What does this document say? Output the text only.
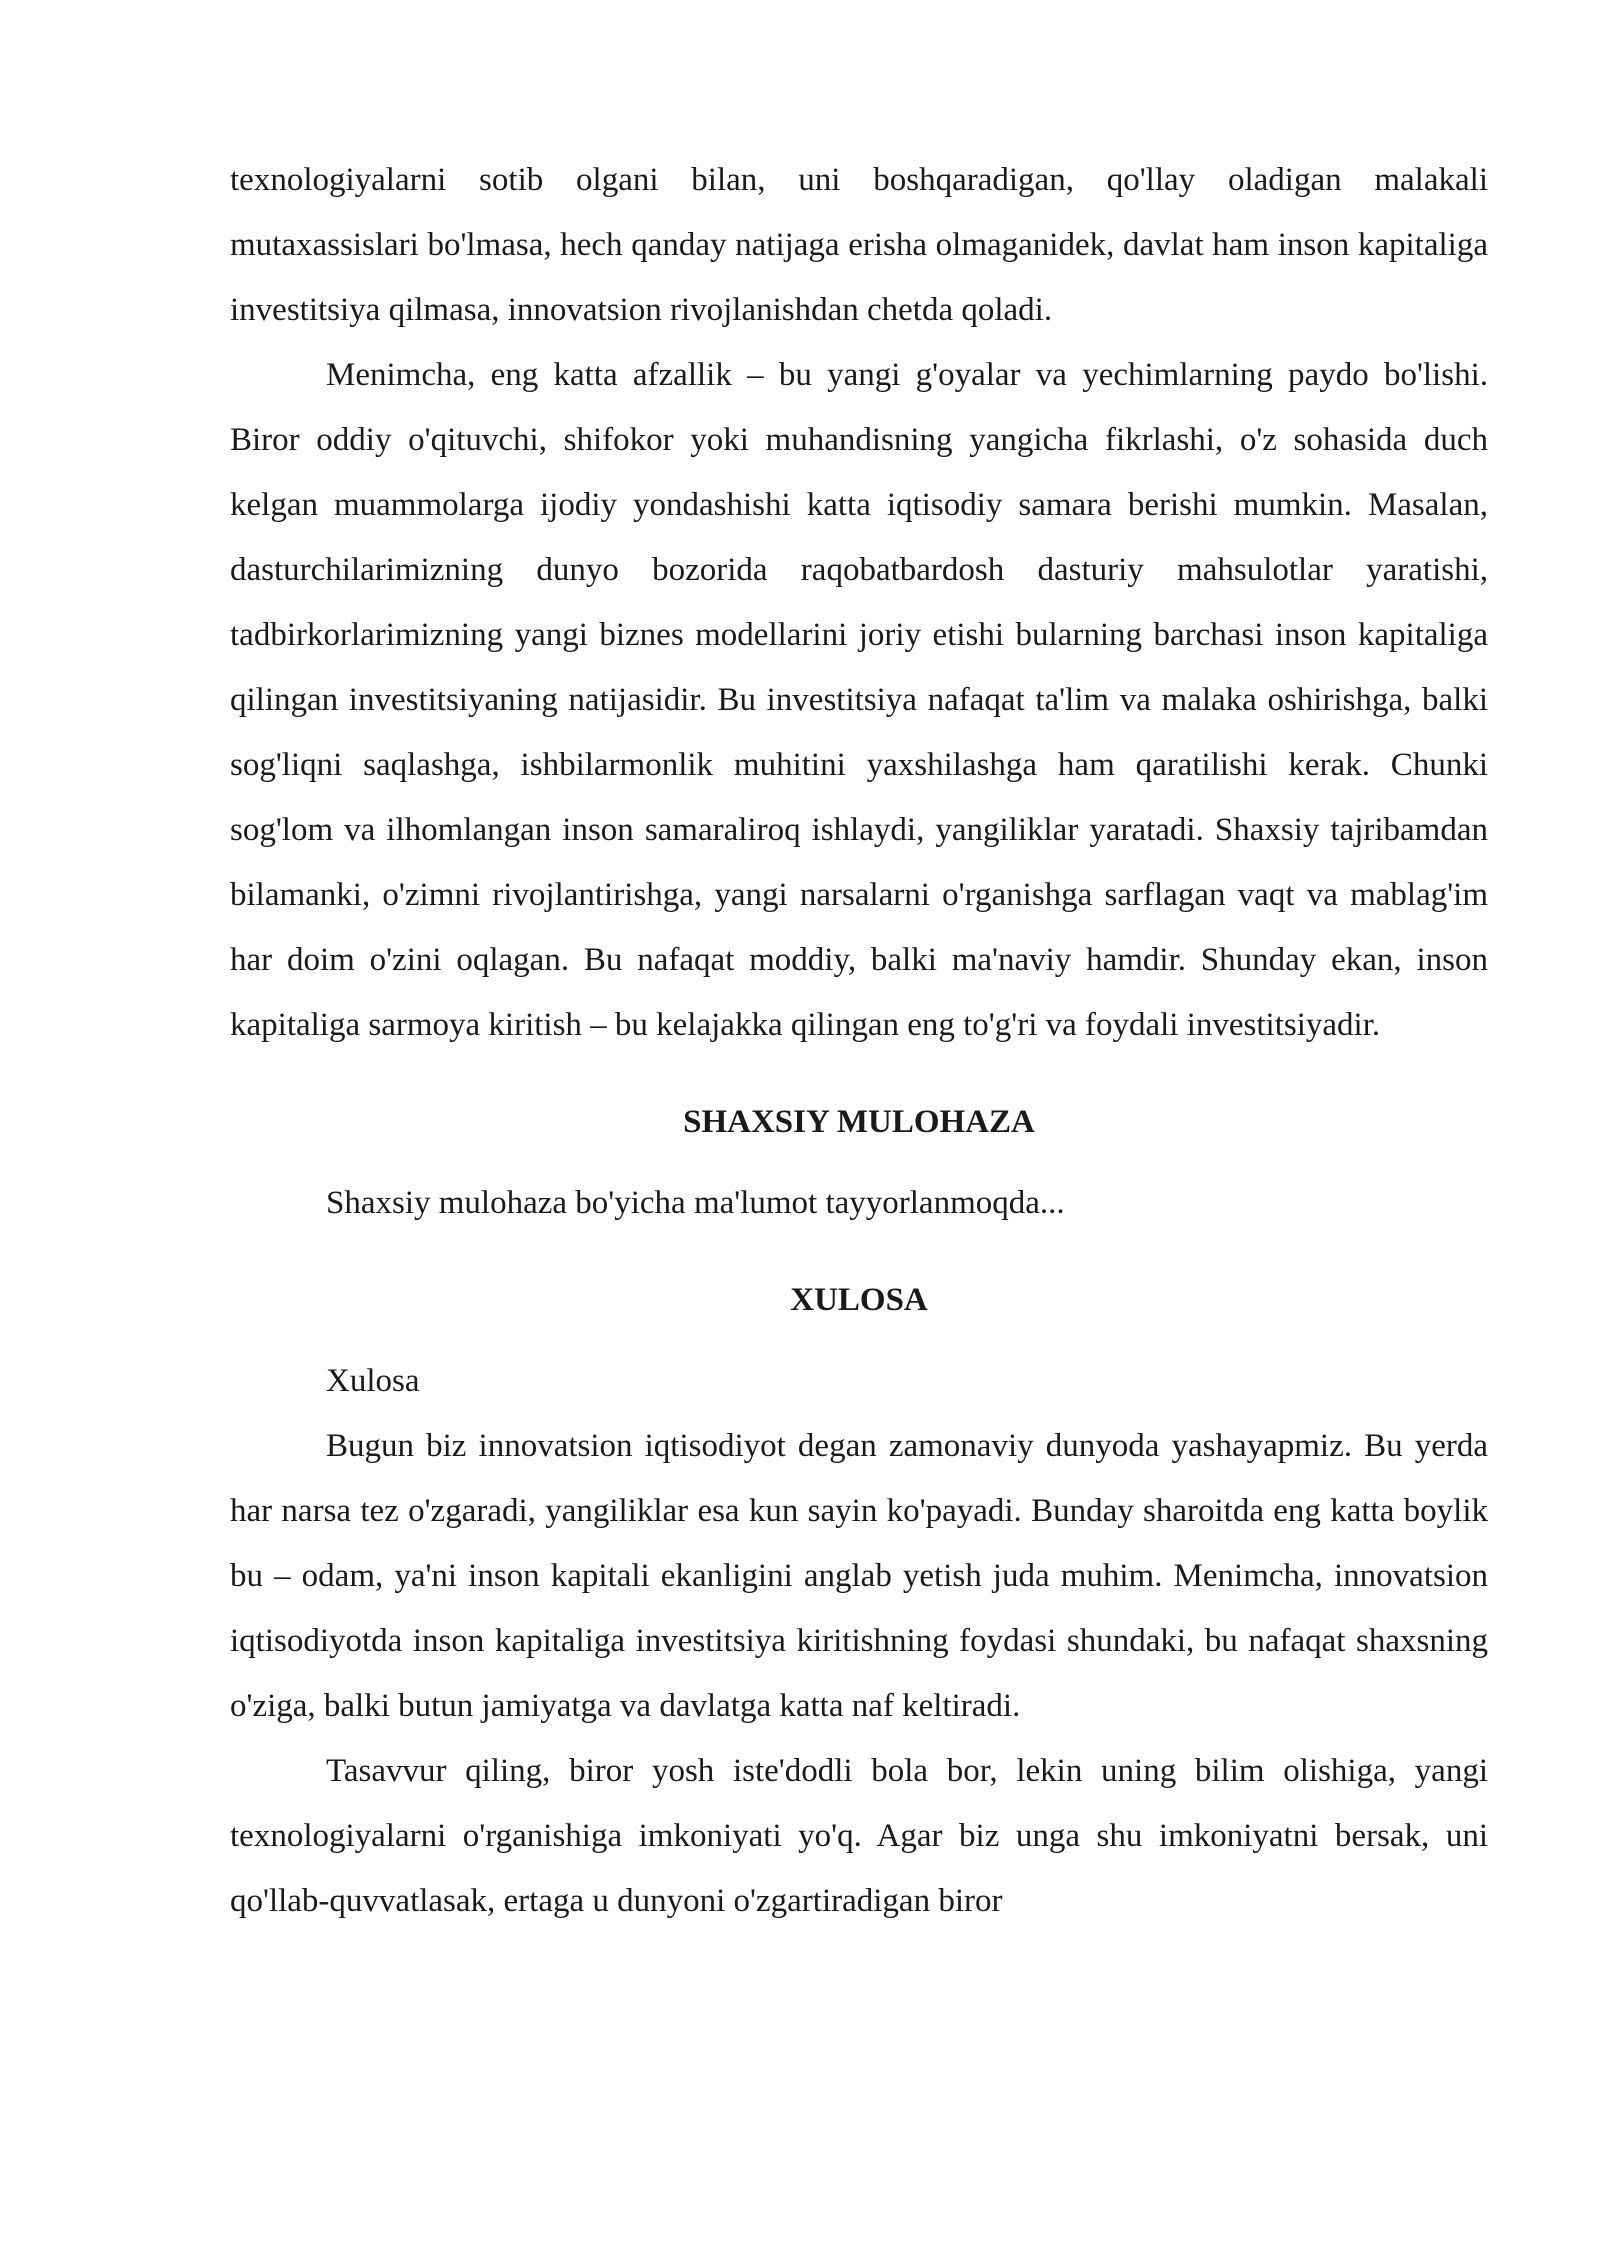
texnologiyalarni sotib olgani bilan, uni boshqaradigan, qo'llay oladigan malakali mutaxassislari bo'lmasa, hech qanday natijaga erisha olmaganidek, davlat ham inson kapitaliga investitsiya qilmasa, innovatsion rivojlanishdan chetda qoladi.

Menimcha, eng katta afzallik – bu yangi g'oyalar va yechimlarning paydo bo'lishi. Biror oddiy o'qituvchi, shifokor yoki muhandisning yangicha fikrlashi, o'z sohasida duch kelgan muammolarga ijodiy yondashishi katta iqtisodiy samara berishi mumkin. Masalan, dasturchilarimizning dunyo bozorida raqobatbardosh dasturiy mahsulotlar yaratishi, tadbirkorlarimizning yangi biznes modellarini joriy etishi bularning barchasi inson kapitaliga qilingan investitsiyaning natijasidir. Bu investitsiya nafaqat ta'lim va malaka oshirishga, balki sog'liqni saqlashga, ishbilarmonlik muhitini yaxshilashga ham qaratilishi kerak. Chunki sog'lom va ilhomlangan inson samaraliroq ishlaydi, yangiliklar yaratadi. Shaxsiy tajribamdan bilamanki, o'zimni rivojlantirishga, yangi narsalarni o'rganishga sarflagan vaqt va mablag'im har doim o'zini oqlagan. Bu nafaqat moddiy, balki ma'naviy hamdir. Shunday ekan, inson kapitaliga sarmoya kiritish – bu kelajakka qilingan eng to'g'ri va foydali investitsiyadir.

SHAXSIY MULOHAZA

Shaxsiy mulohaza bo'yicha ma'lumot tayyorlanmoqda...

XULOSA

Xulosa

Bugun biz innovatsion iqtisodiyot degan zamonaviy dunyoda yashayapmiz. Bu yerda har narsa tez o'zgaradi, yangiliklar esa kun sayin ko'payadi. Bunday sharoitda eng katta boylik bu – odam, ya'ni inson kapitali ekanligini anglab yetish juda muhim. Menimcha, innovatsion iqtisodiyotda inson kapitaliga investitsiya kiritishning foydasi shundaki, bu nafaqat shaxsning o'ziga, balki butun jamiyatga va davlatga katta naf keltiradi.

Tasavvur qiling, biror yosh iste'dodli bola bor, lekin uning bilim olishiga, yangi texnologiyalarni o'rganishiga imkoniyati yo'q. Agar biz unga shu imkoniyatni bersak, uni qo'llab-quvvatlasak, ertaga u dunyoni o'zgartiradigan biror
